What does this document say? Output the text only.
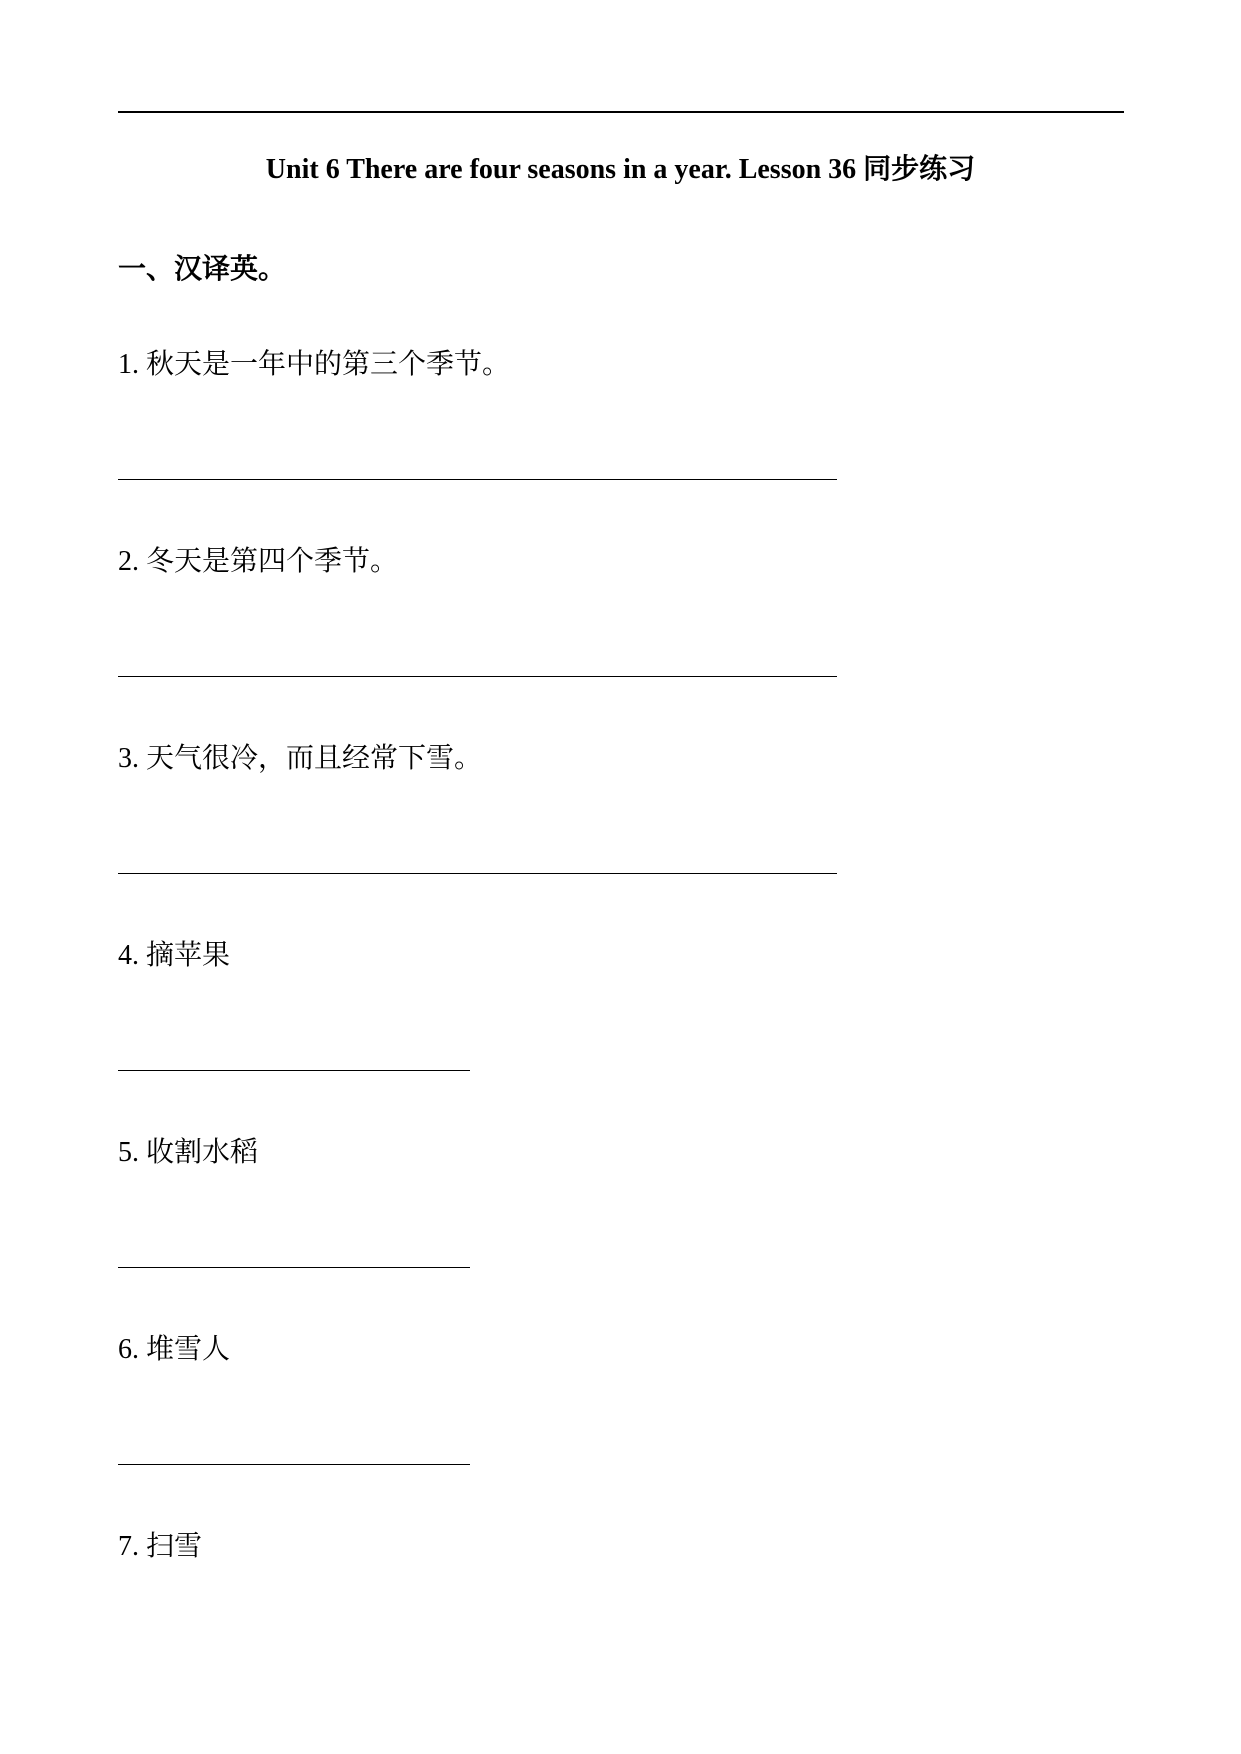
Unit 6 There are four seasons in a year. Lesson 36 同步练习
一、汉译英。
1. 秋天是一年中的第三个季节。
2. 冬天是第四个季节。
3. 天气很冷，而且经常下雪。
4. 摘苹果
5. 收割水稻
6. 堆雪人
7. 扫雪
